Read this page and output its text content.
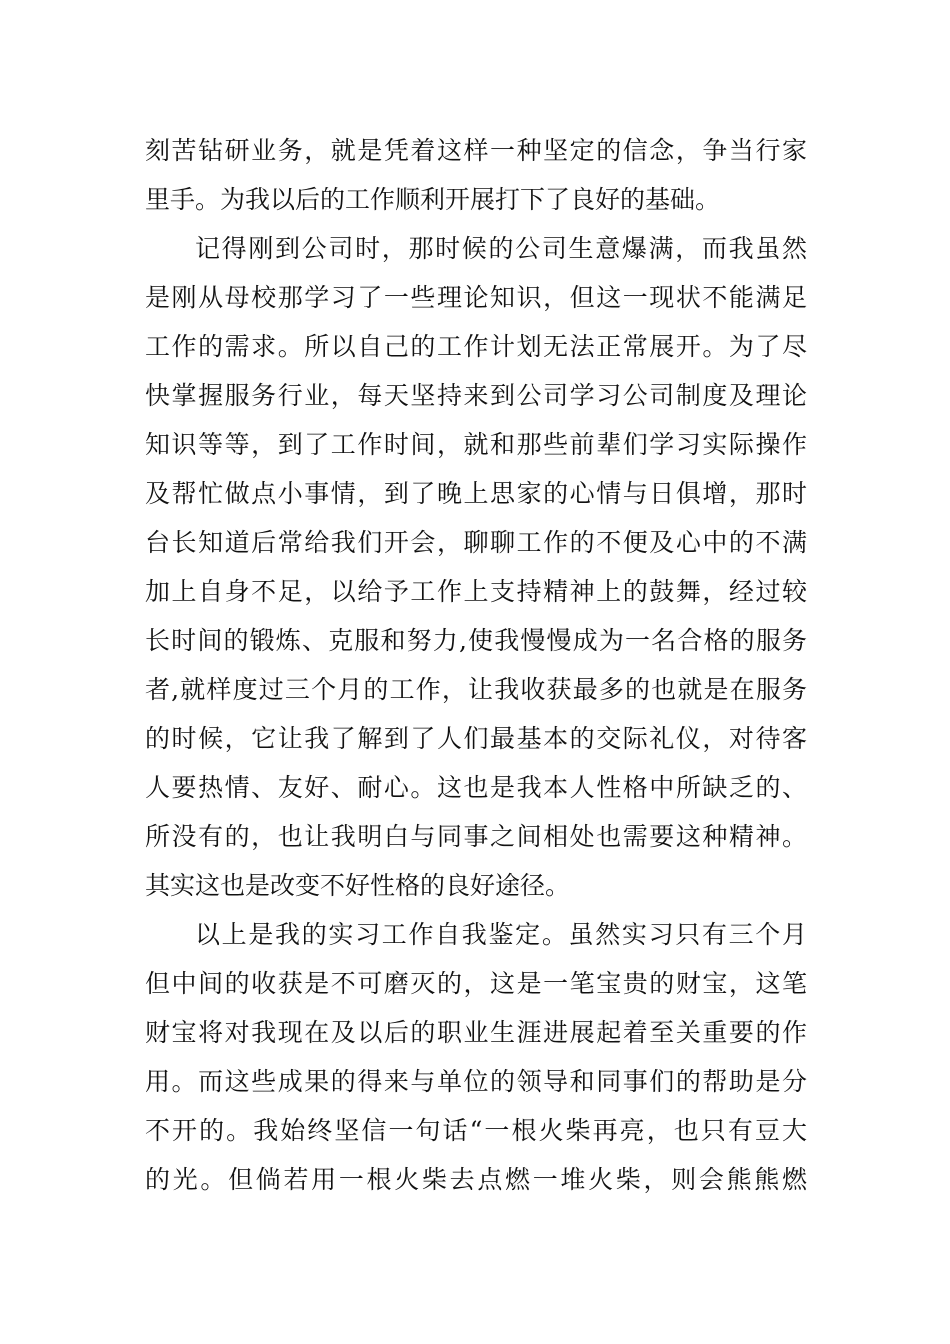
刻苦钻研业务，就是凭着这样一种坚定的信念，争当行家
里手。为我以后的工作顺利开展打下了良好的基础。
记得刚到公司时，那时候的公司生意爆满，而我虽然
是刚从母校那学习了一些理论知识，但这一现状不能满足
工作的需求。所以自己的工作计划无法正常展开。为了尽
快掌握服务行业，每天坚持来到公司学习公司制度及理论
知识等等，到了工作时间，就和那些前辈们学习实际操作
及帮忙做点小事情，到了晚上思家的心情与日俱增，那时
台长知道后常给我们开会，聊聊工作的不便及心中的不满
加上自身不足，以给予工作上支持精神上的鼓舞，经过较
长时间的锻炼、克服和努力,使我慢慢成为一名合格的服务
者,就样度过三个月的工作，让我收获最多的也就是在服务
的时候，它让我了解到了人们最基本的交际礼仪，对待客
人要热情、友好、耐心。这也是我本人性格中所缺乏的、
所没有的，也让我明白与同事之间相处也需要这种精神。
其实这也是改变不好性格的良好途径。
以上是我的实习工作自我鉴定。虽然实习只有三个月
但中间的收获是不可磨灭的，这是一笔宝贵的财宝，这笔
财宝将对我现在及以后的职业生涯进展起着至关重要的作
用。而这些成果的得来与单位的领导和同事们的帮助是分
不开的。我始终坚信一句话“一根火柴再亮，也只有豆大
的光。但倘若用一根火柴去点燃一堆火柴，则会熊熊燃
